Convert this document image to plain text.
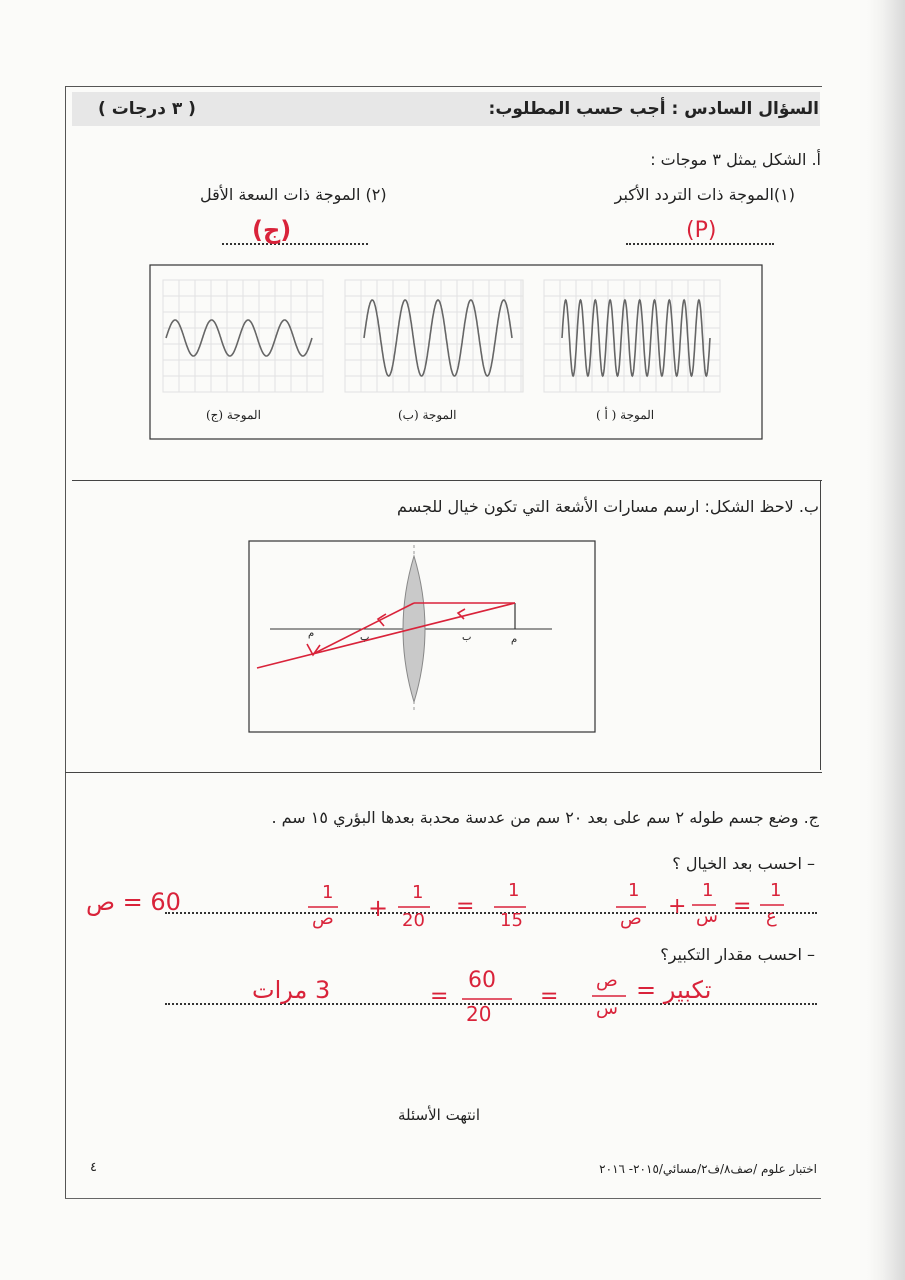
السؤال السادس : أجب حسب المطلوب:
( ٣ درجات )
أ. الشكل يمثل ٣ موجات :
(١)الموجة ذات التردد الأكبر
(٢) الموجة ذات السعة الأقل
(P)
(ج)
الموجة ( أ )
الموجة (ب)
الموجة (ج)
ب. لاحظ الشكل: ارسم مسارات الأشعة التي تكون خيال للجسم
م
ب
ب
م
ج. وضع جسم طوله ٢ سم على بعد ٢٠ سم من عدسة محدبة بعدها البؤري ١٥ سم .
– احسب بعد الخيال ؟
– احسب مقدار التكبير؟
60 = ص	1
ص +
1
20
=
1
15
1
ص +
1
س =
1
ع
3 مرات	=
60
20
=
ص
س
تكبير =
انتهت الأسئلة
٤	اختبار علوم /صف٨/ف٢/مسائي/٢٠١٥- ٢٠١٦
